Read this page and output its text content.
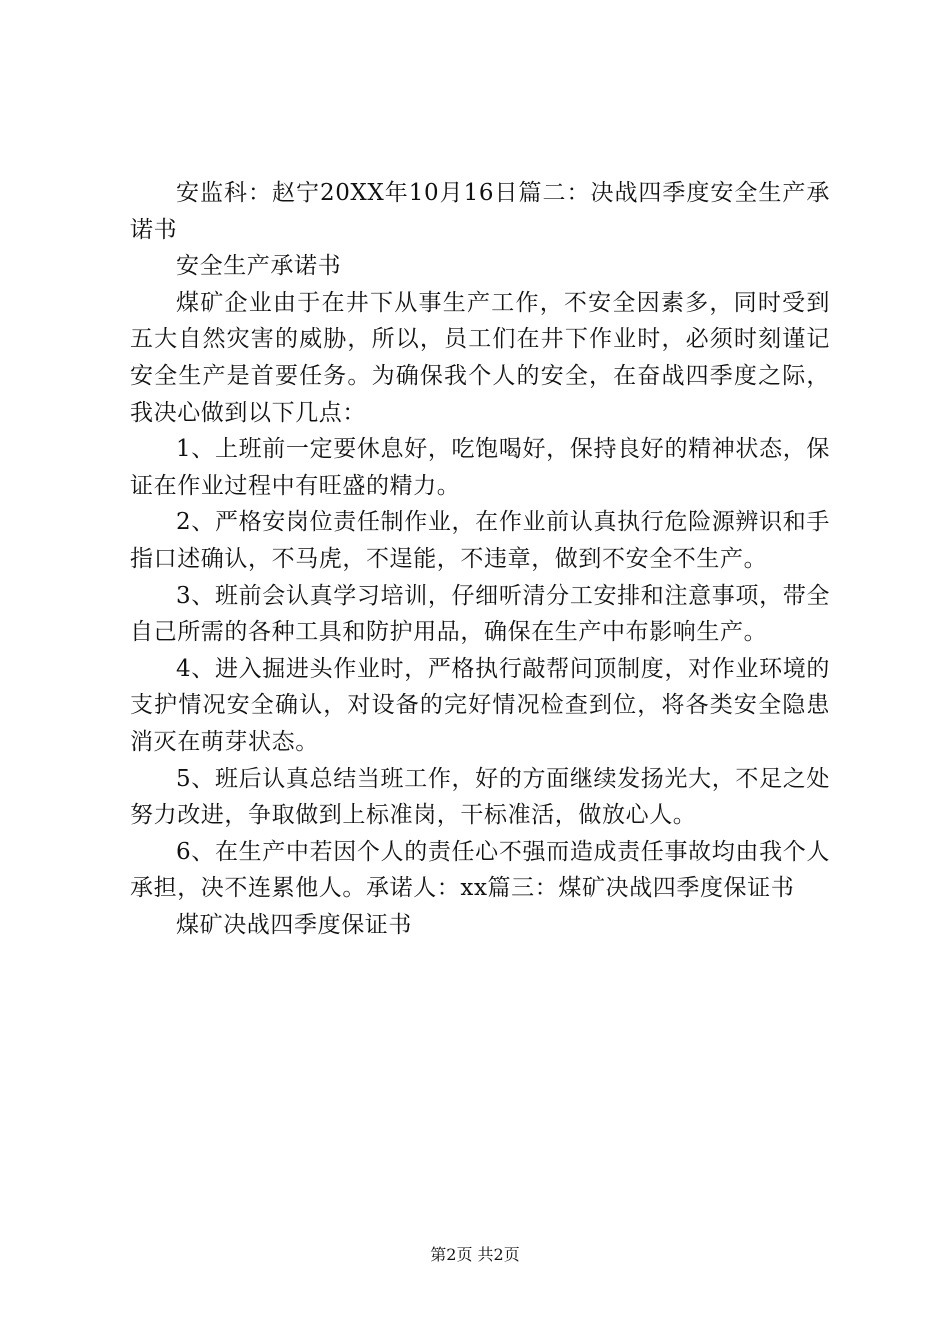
安监科：赵宁20XX年10月16日篇二：决战四季度安全生产承诺书

安全生产承诺书

煤矿企业由于在井下从事生产工作，不安全因素多，同时受到五大自然灾害的威胁，所以，员工们在井下作业时，必须时刻谨记安全生产是首要任务。为确保我个人的安全，在奋战四季度之际，我决心做到以下几点：

1、上班前一定要休息好，吃饱喝好，保持良好的精神状态，保证在作业过程中有旺盛的精力。

2、严格安岗位责任制作业，在作业前认真执行危险源辨识和手指口述确认，不马虎，不逞能，不违章，做到不安全不生产。

3、班前会认真学习培训，仔细听清分工安排和注意事项，带全自己所需的各种工具和防护用品，确保在生产中布影响生产。

4、进入掘进头作业时，严格执行敲帮问顶制度，对作业环境的支护情况安全确认，对设备的完好情况检查到位，将各类安全隐患消灭在萌芽状态。

5、班后认真总结当班工作，好的方面继续发扬光大，不足之处努力改进，争取做到上标准岗，干标准活，做放心人。

6、在生产中若因个人的责任心不强而造成责任事故均由我个人承担，决不连累他人。承诺人：xx篇三：煤矿决战四季度保证书

煤矿决战四季度保证书

第2页 共2页
